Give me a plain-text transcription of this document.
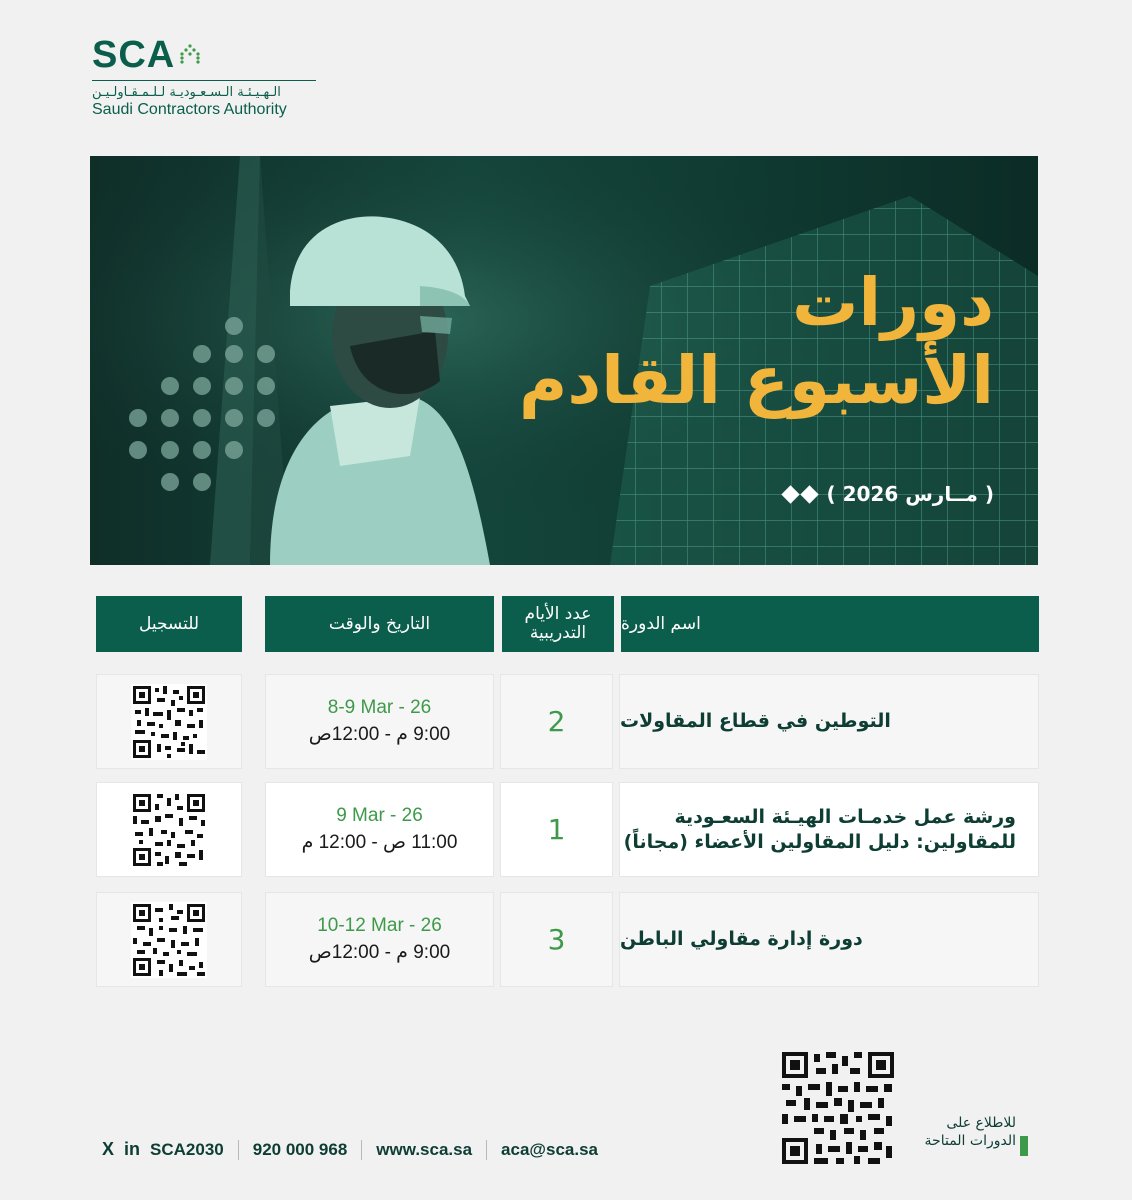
SCA
الـهـيـئـة الـسـعـوديـة لـلـمـقـاولـيـن
Saudi Contractors Authority
دورات
الأسبوع القادم
( مــارس 2026 )
اسم الدورة
عدد الأيام التدريبية
التاريخ والوقت
للتسجيل
التوطين في قطاع المقاولات
2
8-9 Mar - 26
9:00 م - 12:00ص
ورشة عمل خدمـات الهيـئة السعـودية للمقاولين: دليل المقاولين الأعضاء (مجاناً)
1
9 Mar - 26
11:00 ص - 12:00 م
دورة إدارة مقاولي الباطن
3
10-12 Mar - 26
9:00 م - 12:00ص
للاطلاع على
الدورات المتاحة
X in SCA2030 920 000 968 www.sca.sa aca@sca.sa
